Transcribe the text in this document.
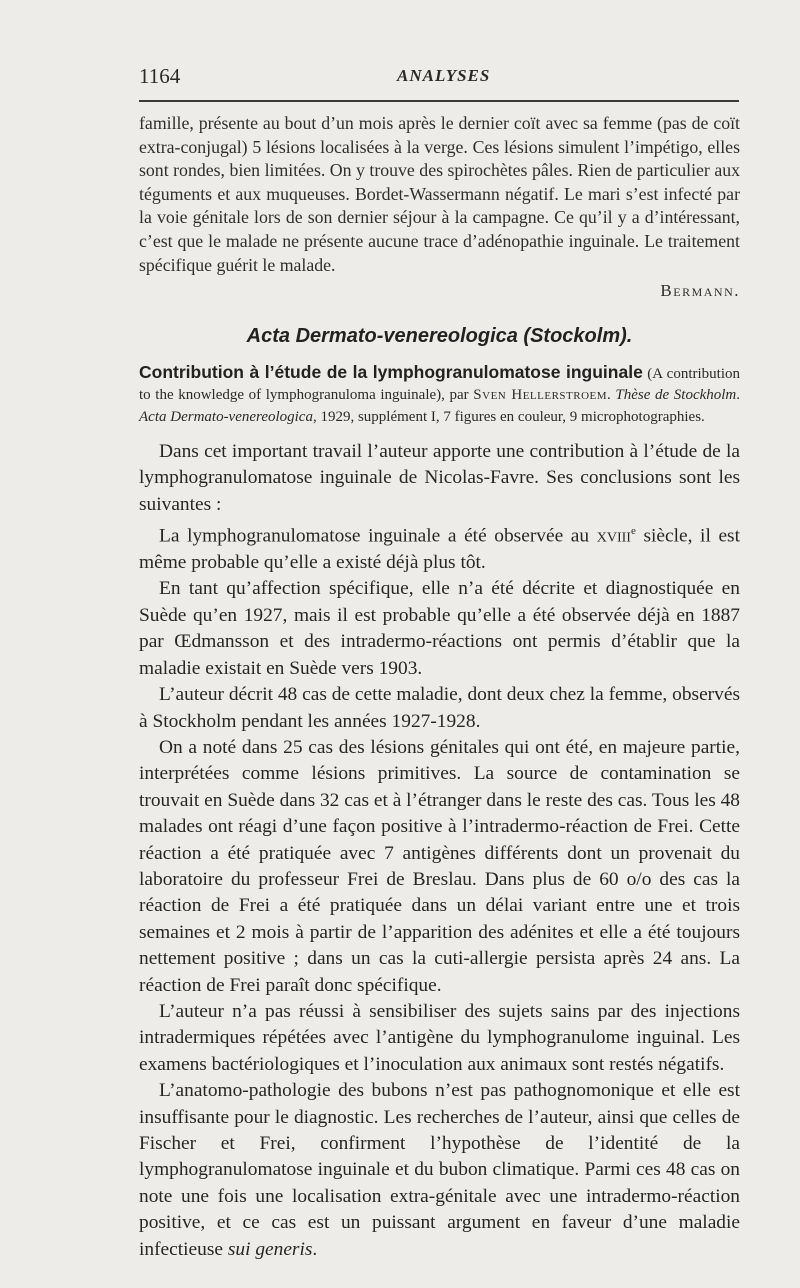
1164	ANALYSES

famille, présente au bout d’un mois après le dernier coït avec sa femme (pas de coït extra-conjugal) 5 lésions localisées à la verge. Ces lésions simulent l’impétigo, elles sont rondes, bien limitées. On y trouve des spirochètes pâles. Rien de particulier aux téguments et aux muqueuses. Bordet-Wassermann négatif. Le mari s’est infecté par la voie génitale lors de son dernier séjour à la campagne. Ce qu’il y a d’intéressant, c’est que le malade ne présente aucune trace d’adénopathie inguinale. Le traitement spécifique guérit le malade.

Bermann.
Acta Dermato-venereologica (Stockolm).
Contribution à l’étude de la lymphogranulomatose inguinale (A contribution to the knowledge of lymphogranuloma inguinale), par Sven Hellerstroem. Thèse de Stockholm. Acta Dermato-venereologica, 1929, supplément I, 7 figures en couleur, 9 microphotographies.

Dans cet important travail l’auteur apporte une contribution à l’étude de la lymphogranulomatose inguinale de Nicolas-Favre. Ses conclusions sont les suivantes :

La lymphogranulomatose inguinale a été observée au xviii$^e$ siècle, il est même probable qu’elle a existé déjà plus tôt.

En tant qu’affection spécifique, elle n’a été décrite et diagnostiquée en Suède qu’en 1927, mais il est probable qu’elle a été observée déjà en 1887 par Œdmansson et des intradermo-réactions ont permis d’établir que la maladie existait en Suède vers 1903.

L’auteur décrit 48 cas de cette maladie, dont deux chez la femme, observés à Stockholm pendant les années 1927-1928.

On a noté dans 25 cas des lésions génitales qui ont été, en majeure partie, interprétées comme lésions primitives. La source de contamination se trouvait en Suède dans 32 cas et à l’étranger dans le reste des cas. Tous les 48 malades ont réagi d’une façon positive à l’intradermo-réaction de Frei. Cette réaction a été pratiquée avec 7 antigènes différents dont un provenait du laboratoire du professeur Frei de Breslau. Dans plus de 60 o/o des cas la réaction de Frei a été pratiquée dans un délai variant entre une et trois semaines et 2 mois à partir de l’apparition des adénites et elle a été toujours nettement positive ; dans un cas la cuti-allergie persista après 24 ans. La réaction de Frei paraît donc spécifique.

L’auteur n’a pas réussi à sensibiliser des sujets sains par des injections intradermiques répétées avec l’antigène du lymphogranulome inguinal. Les examens bactériologiques et l’inoculation aux animaux sont restés négatifs.

L’anatomo-pathologie des bubons n’est pas pathognomonique et elle est insuffisante pour le diagnostic. Les recherches de l’auteur, ainsi que celles de Fischer et Frei, confirment l’hypothèse de l’identité de la lymphogranulomatose inguinale et du bubon climatique. Parmi ces 48 cas on note une fois une localisation extra-génitale avec une intradermo-réaction positive, et ce cas est un puissant argument en faveur d’une maladie infectieuse sui generis.
